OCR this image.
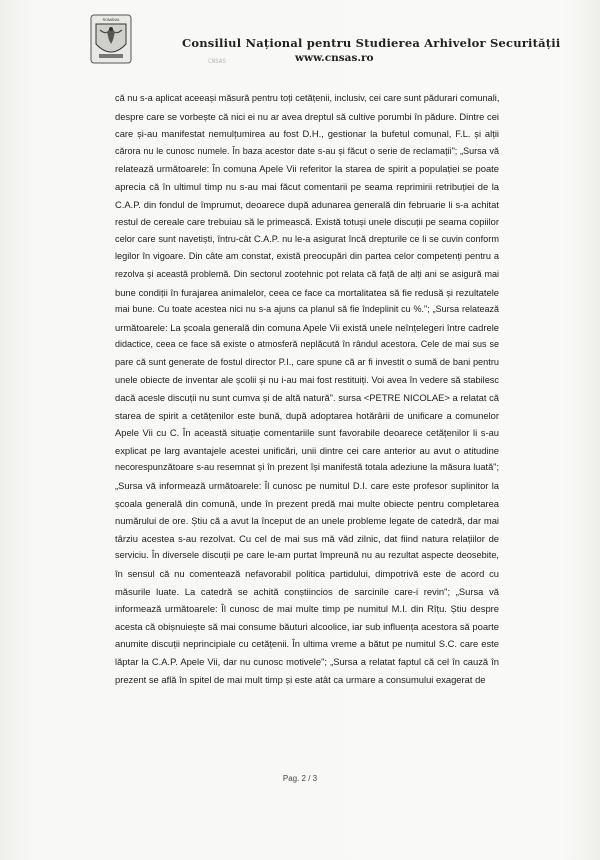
ROMÂNIA
Consiliul Național pentru Studierea Arhivelor Securității
CNSAS	www.cnsas.ro
că nu s-a aplicat aceeași măsură pentru toți cetățenii, inclusiv, cei care sunt pădurari comunali,
despre care se vorbește că nici ei nu ar avea dreptul să cultive porumbi în pădure. Dintre cei
care și-au manifestat nemulțumirea au fost D.H., gestionar la bufetul comunal, F.L. și alții
cărora nu le cunosc numele. În baza acestor date s-au și făcut o serie de reclamații"; „Sursa vă
relatează următoarele: În comuna Apele Vii referitor la starea de spirit a populației se poate
aprecia că în ultimul timp nu s-au mai făcut comentarii pe seama reprimirii retribuției de la
C.A.P. din fondul de împrumut, deoarece după adunarea generală din februarie li s-a achitat
restul de cereale care trebuiau să le primească. Există totuși unele discuții pe seama copiilor
celor care sunt navetiști, întru-cât C.A.P. nu le-a asigurat încă drepturile ce li se cuvin conform
legilor în vigoare. Din câte am constat, există preocupări din partea celor competenți pentru a
rezolva și această problemă. Din sectorul zootehnic pot relata că față de alți ani se asigură mai
bune condiții în furajarea animalelor, ceea ce face ca mortalitatea să fie redusă și rezultatele
mai bune. Cu toate acestea nici nu s-a ajuns ca planul să fie îndeplinit cu %."; „Sursa relatează
următoarele: La școala generală din comuna Apele Vii există unele neînțelegeri între cadrele
didactice, ceea ce face să existe o atmosferă neplăcută în rândul acestora. Cele de mai sus se
pare că sunt generate de fostul director P.I., care spune că ar fi investit o sumă de bani pentru
unele obiecte de inventar ale școlii și nu i-au mai fost restituiți. Voi avea în vedere să stabilesc
dacă acesle discuții nu sunt cumva și de altă natură". sursa <PETRE NICOLAE> a relatat că
starea de spirit a cetățenilor este bună, după adoptarea hotărârii de unificare a comunelor
Apele Vii cu C. În această situație comentariile sunt favorabile deoarece cetățenilor li s-au
explicat pe larg avantajele acestei unificări, unii dintre cei care anterior au avut o atitudine
necorespunzătoare s-au resemnat și în prezent își manifestă totala adeziune la măsura luată";
„Sursa vă informează următoarele: Îl cunosc pe numitul D.I. care este profesor suplinitor la
școala generală din comună, unde în prezent predă mai multe obiecte pentru completarea
numărului de ore. Știu că a avut la început de an unele probleme legate de catedră, dar mai
târziu acestea s-au rezolvat. Cu cel de mai sus mă văd zilnic, dat fiind natura relațiilor de
serviciu. În diversele discuții pe care le-am purtat împreună nu au rezultat aspecte deosebite,
în sensul că nu comentează nefavorabil politica partidului, dimpotrivă este de acord cu
măsurile luate. La catedră se achită conștiincios de sarcinile care-i revin"; „Sursa vă
informează următoarele: Îl cunosc de mai multe timp pe numitul M.I. din Rîțu. Știu despre
acesta că obișnuiește să mai consume băuturi alcoolice, iar sub influența acestora să poarte
anumite discuții neprincipiale cu cetățenii. În ultima vreme a bătut pe numitul S.C. care este
lăptar la C.A.P. Apele Vii, dar nu cunosc motivele"; „Sursa a relatat faptul că cel în cauză în
prezent se află în spitel de mai mult timp și este atât ca urmare a consumului exagerat de
Pag. 2 / 3
